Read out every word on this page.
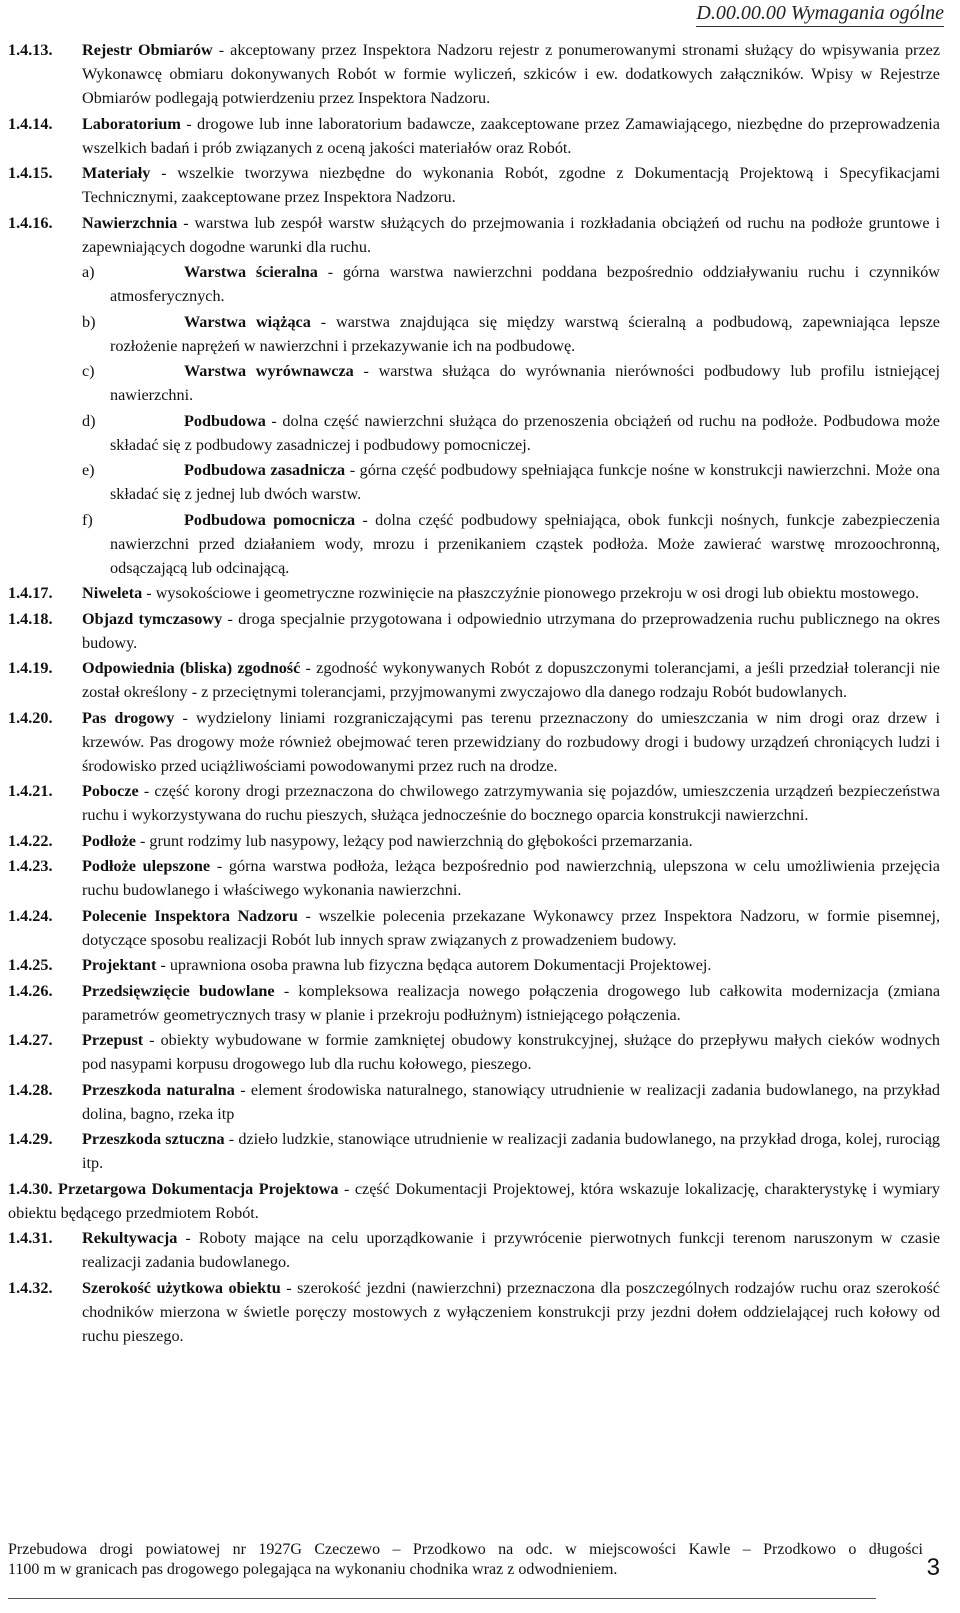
D.00.00.00 Wymagania ogólne
1.4.13. Rejestr Obmiarów - akceptowany przez Inspektora Nadzoru rejestr z ponumerowanymi stronami służący do wpisywania przez Wykonawcę obmiaru dokonywanych Robót w formie wyliczeń, szkiców i ew. dodatkowych załączników. Wpisy w Rejestrze Obmiarów podlegają potwierdzeniu przez Inspektora Nadzoru.
1.4.14. Laboratorium - drogowe lub inne laboratorium badawcze, zaakceptowane przez Zamawiającego, niezbędne do przeprowadzenia wszelkich badań i prób związanych z oceną jakości materiałów oraz Robót.
1.4.15. Materiały - wszelkie tworzywa niezbędne do wykonania Robót, zgodne z Dokumentacją Projektową i Specyfikacjami Technicznymi, zaakceptowane przez Inspektora Nadzoru.
1.4.16. Nawierzchnia - warstwa lub zespół warstw służących do przejmowania i rozkładania obciążeń od ruchu na podłoże gruntowe i zapewniających dogodne warunki dla ruchu.
a)	Warstwa ścieralna - górna warstwa nawierzchni poddana bezpośrednio oddziaływaniu ruchu i czynników atmosferycznych.
b)	Warstwa wiążąca - warstwa znajdująca się między warstwą ścieralną a podbudową, zapewniająca lepsze rozłożenie naprężeń w nawierzchni i przekazywanie ich na podbudowę.
c)	Warstwa wyrównawcza - warstwa służąca do wyrównania nierówności podbudowy lub profilu istniejącej nawierzchni.
d)	Podbudowa - dolna część nawierzchni służąca do przenoszenia obciążeń od ruchu na podłoże. Podbudowa może składać się z podbudowy zasadniczej i podbudowy pomocniczej.
e)	Podbudowa zasadnicza - górna część podbudowy spełniająca funkcje nośne w konstrukcji nawierzchni. Może ona składać się z jednej lub dwóch warstw.
f)	Podbudowa pomocnicza - dolna część podbudowy spełniająca, obok funkcji nośnych, funkcje zabezpieczenia nawierzchni przed działaniem wody, mrozu i przenikaniem cząstek podłoża. Może zawierać warstwę mrozoochronną, odsączającą lub odcinającą.
1.4.17. Niweleta - wysokościowe i geometryczne rozwinięcie na płaszczyźnie pionowego przekroju w osi drogi lub obiektu mostowego.
1.4.18. Objazd tymczasowy - droga specjalnie przygotowana i odpowiednio utrzymana do przeprowadzenia ruchu publicznego na okres budowy.
1.4.19. Odpowiednia (bliska) zgodność - zgodność wykonywanych Robót z dopuszczonymi tolerancjami, a jeśli przedział tolerancji nie został określony - z przeciętnymi tolerancjami, przyjmowanymi zwyczajowo dla danego rodzaju Robót budowlanych.
1.4.20. Pas drogowy - wydzielony liniami rozgraniczającymi pas terenu przeznaczony do umieszczania w nim drogi oraz drzew i krzewów. Pas drogowy może również obejmować teren przewidziany do rozbudowy drogi i budowy urządzeń chroniących ludzi i środowisko przed uciążliwościami powodowanymi przez ruch na drodze.
1.4.21. Pobocze - część korony drogi przeznaczona do chwilowego zatrzymywania się pojazdów, umieszczenia urządzeń bezpieczeństwa ruchu i wykorzystywana do ruchu pieszych, służąca jednocześnie do bocznego oparcia konstrukcji nawierzchni.
1.4.22. Podłoże - grunt rodzimy lub nasypowy, leżący pod nawierzchnią do głębokości przemarzania.
1.4.23. Podłoże ulepszone - górna warstwa podłoża, leżąca bezpośrednio pod nawierzchnią, ulepszona w celu umożliwienia przejęcia ruchu budowlanego i właściwego wykonania nawierzchni.
1.4.24. Polecenie Inspektora Nadzoru - wszelkie polecenia przekazane Wykonawcy przez Inspektora Nadzoru, w formie pisemnej, dotyczące sposobu realizacji Robót lub innych spraw związanych z prowadzeniem budowy.
1.4.25. Projektant - uprawniona osoba prawna lub fizyczna będąca autorem Dokumentacji Projektowej.
1.4.26. Przedsięwzięcie budowlane - kompleksowa realizacja nowego połączenia drogowego lub całkowita modernizacja (zmiana parametrów geometrycznych trasy w planie i przekroju podłużnym) istniejącego połączenia.
1.4.27. Przepust - obiekty wybudowane w formie zamkniętej obudowy konstrukcyjnej, służące do przepływu małych cieków wodnych pod nasypami korpusu drogowego lub dla ruchu kołowego, pieszego.
1.4.28. Przeszkoda naturalna - element środowiska naturalnego, stanowiący utrudnienie w realizacji zadania budowlanego, na przykład dolina, bagno, rzeka itp
1.4.29. Przeszkoda sztuczna - dzieło ludzkie, stanowiące utrudnienie w realizacji zadania budowlanego, na przykład droga, kolej, rurociąg itp.
1.4.30. Przetargowa Dokumentacja Projektowa - część Dokumentacji Projektowej, która wskazuje lokalizację, charakterystykę i wymiary obiektu będącego przedmiotem Robót.
1.4.31. Rekultywacja - Roboty mające na celu uporządkowanie i przywrócenie pierwotnych funkcji terenom naruszonym w czasie realizacji zadania budowlanego.
1.4.32. Szerokość użytkowa obiektu - szerokość jezdni (nawierzchni) przeznaczona dla poszczególnych rodzajów ruchu oraz szerokość chodników mierzona w świetle poręczy mostowych z wyłączeniem konstrukcji przy jezdni dołem oddzielającej ruch kołowy od ruchu pieszego.
Przebudowa drogi powiatowej nr 1927G Czeczewo – Przodkowo na odc. w miejscowości Kawle – Przodkowo o długości
1100 m w granicach pas drogowego polegająca na wykonaniu chodnika wraz z odwodnieniem.	3
